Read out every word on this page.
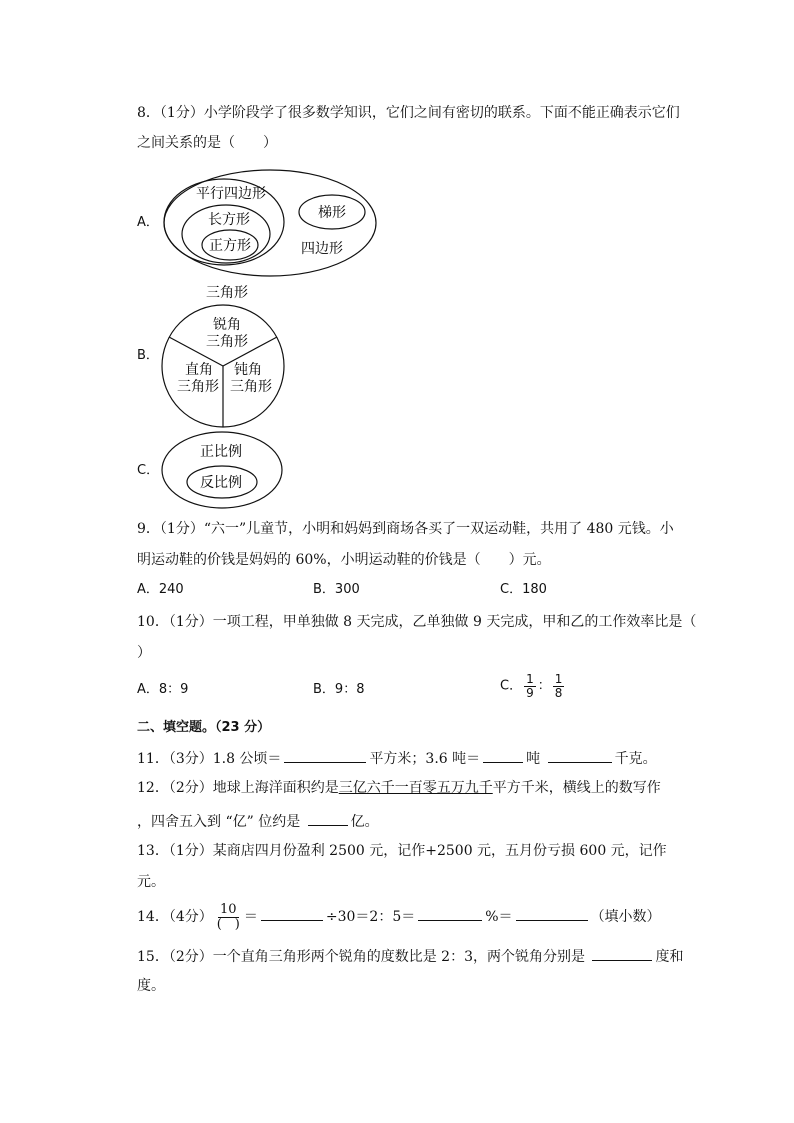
8．（1分）小学阶段学了很多数学知识，它们之间有密切的联系。下面不能正确表示它们
之间关系的是（　　）
A．
平行四边形
长方形
正方形
梯形
四边形
B．
三角形
锐角
三角形
直角
三角形
钝角
三角形
C．
正比例
反比例
9．（1分）“六一”儿童节，小明和妈妈到商场各买了一双运动鞋，共用了 480 元钱。小
明运动鞋的价钱是妈妈的 60%，小明运动鞋的价钱是（　　）元。
A．240	B．300	C．180
10．（1分）一项工程，甲单独做 8 天完成，乙单独做 9 天完成，甲和乙的工作效率比是（
）
A．8：9	B．9：8	C． $\frac{1}{9}$ ： $\frac{1}{8}$
二、填空题。（23 分）
11．（3分）1.8 公顷＝	平方米；3.6 吨＝	吨	千克。
12．（2分）地球上海洋面积约是三亿六千一百零五万九千平方千米，横线上的数写作
，四舍五入到 “亿” 位约是	亿。
13．（1分）某商店四月份盈利 2500 元，记作+2500 元，五月份亏损 600 元，记作
元。
14．（4分） $\frac{10}{( )}$ ＝	÷30＝2：5＝	%＝	（填小数）
15．（2分）一个直角三角形两个锐角的度数比是 2：3，两个锐角分别是	度和
度。
